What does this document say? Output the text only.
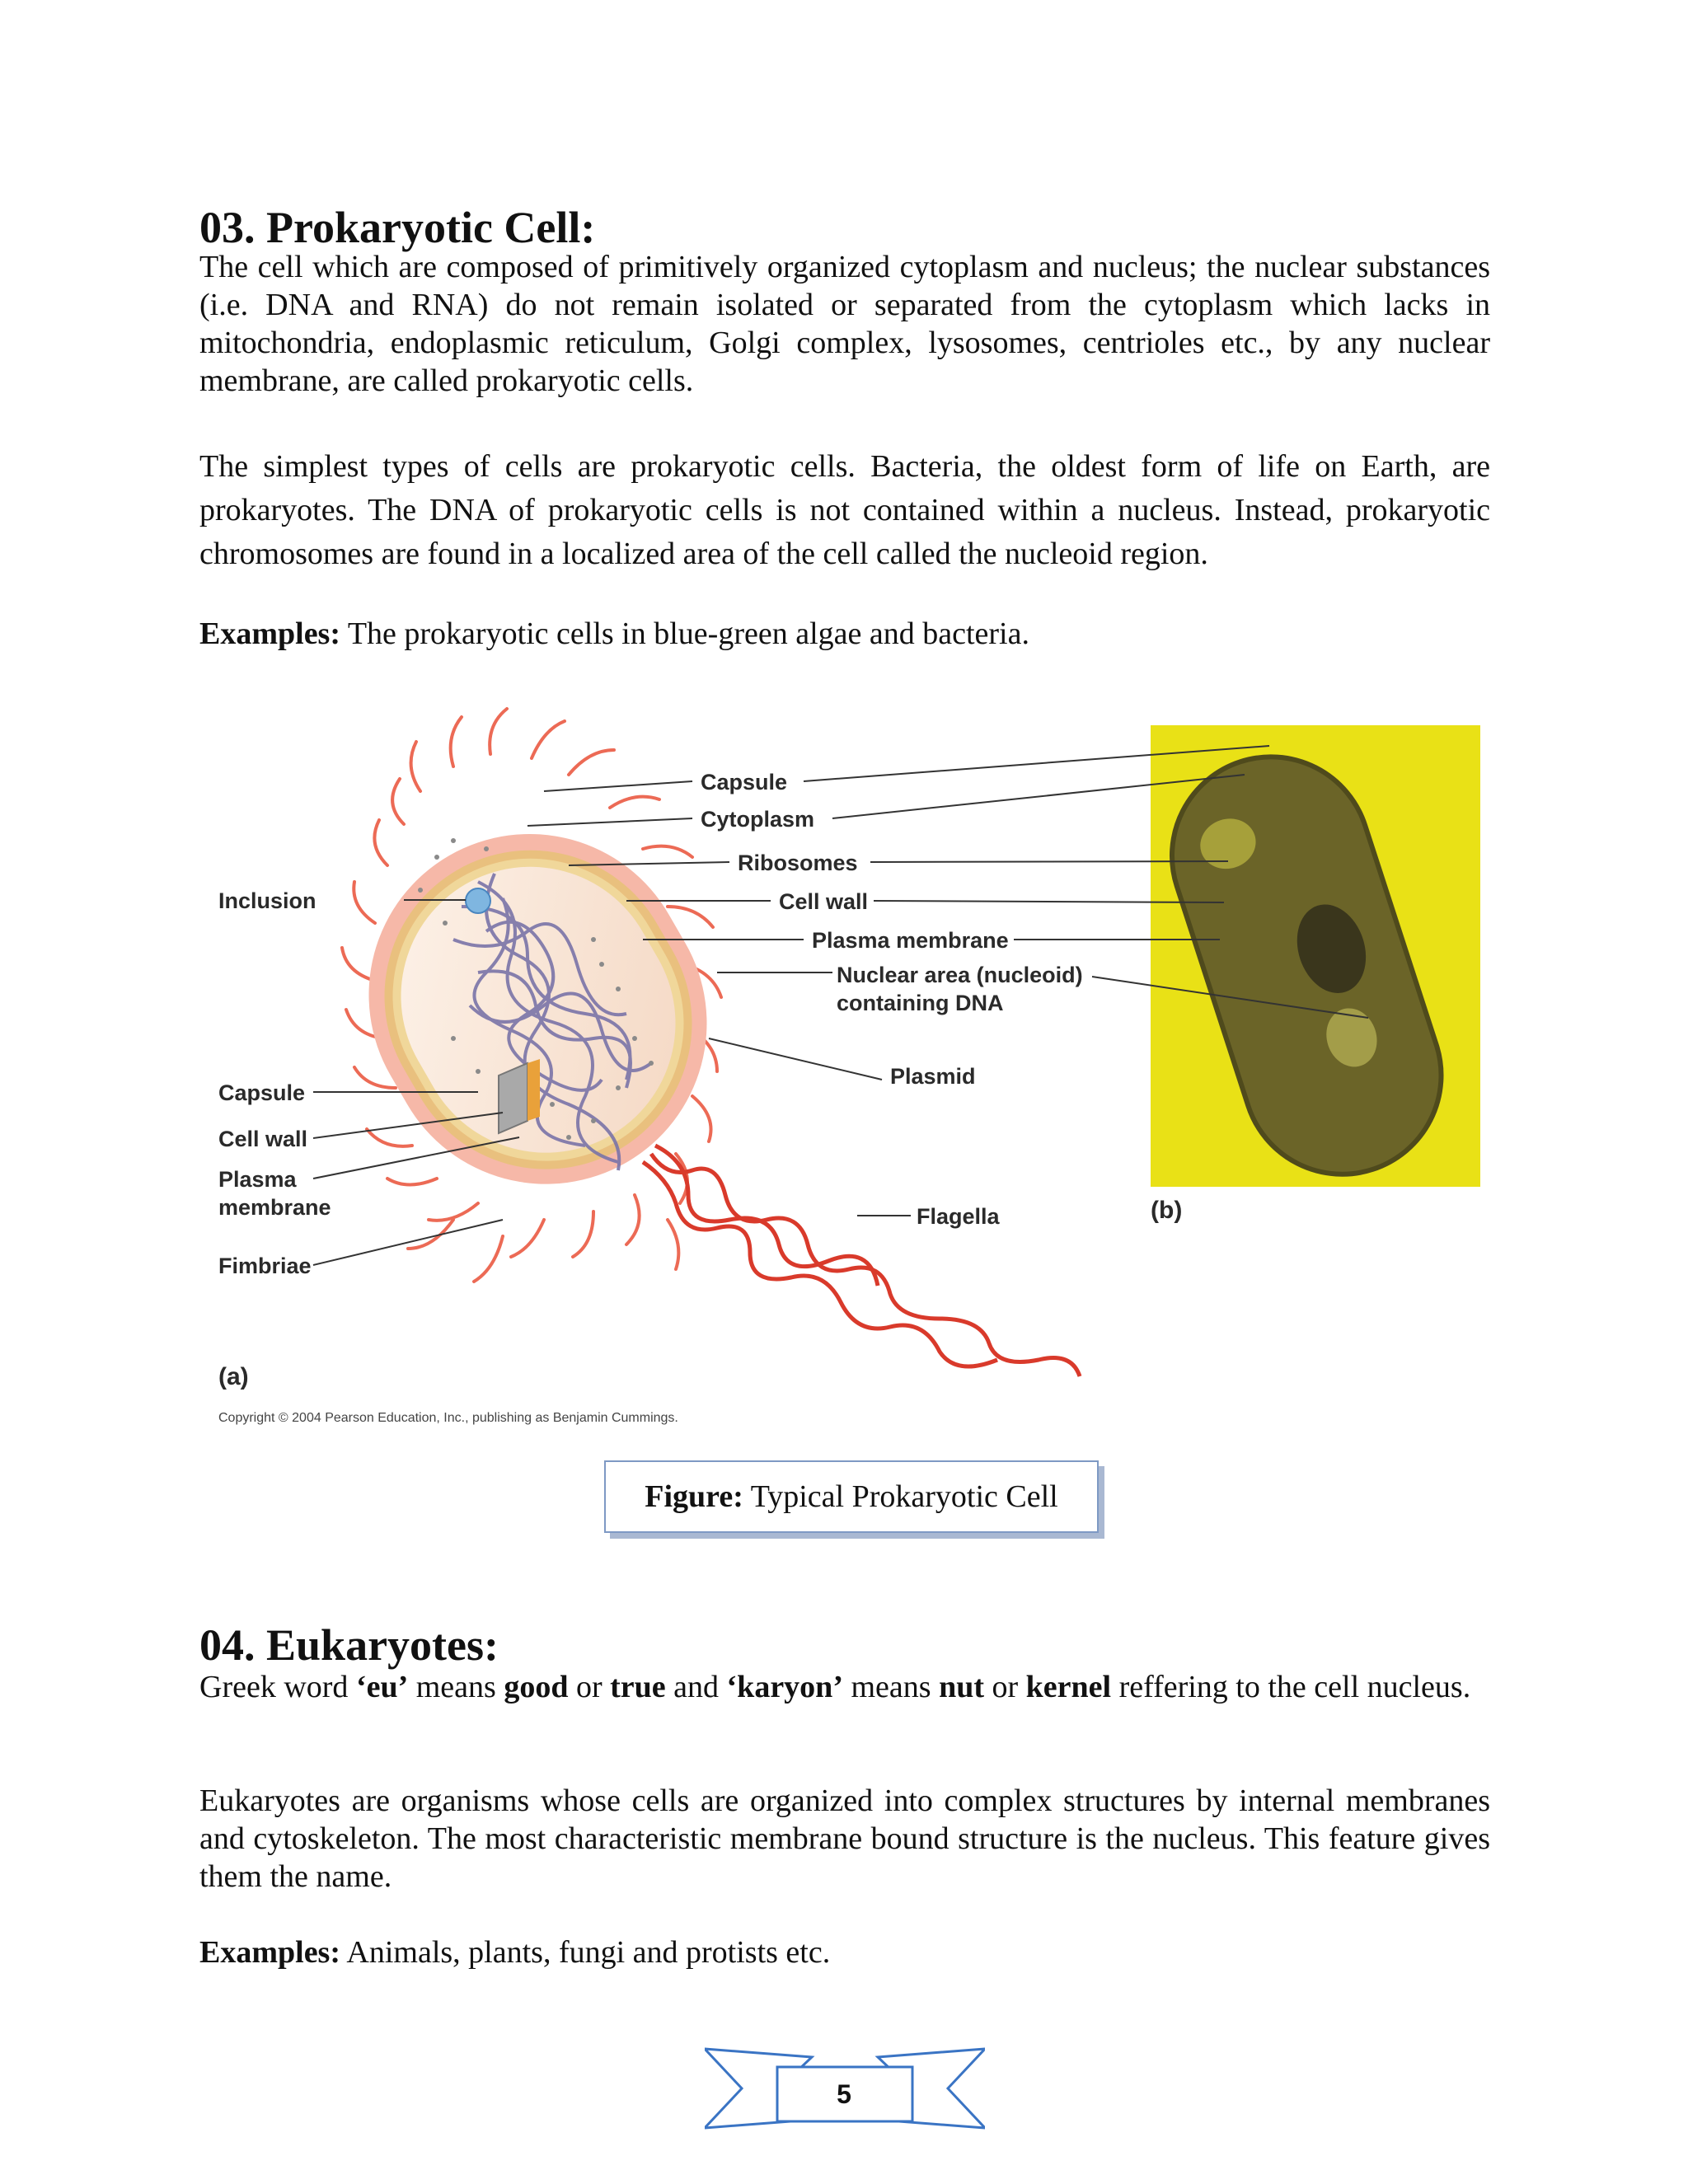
03. Prokaryotic Cell:

The cell which are composed of primitively organized cytoplasm and nucleus; the nuclear substances (i.e. DNA and RNA) do not remain isolated or separated from the cytoplasm which lacks in mitochondria, endoplasmic reticulum, Golgi complex, lysosomes, centrioles etc., by any nuclear membrane, are called prokaryotic cells.

The simplest types of cells are prokaryotic cells. Bacteria, the oldest form of life on Earth, are prokaryotes. The DNA of prokaryotic cells is not contained within a nucleus. Instead, prokaryotic chromosomes are found in a localized area of the cell called the nucleoid region.

Examples: The prokaryotic cells in blue-green algae and bacteria.

Capsule
Cytoplasm
Ribosomes
Cell wall
Plasma membrane
Nuclear area (nucleoid)
containing DNA
Plasmid
Flagella
Inclusion
Capsule
Cell wall
Plasma
membrane
Fimbriae
(a)
(b)
Copyright © 2004 Pearson Education, Inc., publishing as Benjamin Cummings.
Figure: Typical Prokaryotic Cell
04. Eukaryotes:

Greek word ‘eu’ means good or true and ‘karyon’ means nut or kernel reffering to the cell nucleus.

Eukaryotes are organisms whose cells are organized into complex structures by internal membranes and cytoskeleton. The most characteristic membrane bound structure is the nucleus. This feature gives them the name.

Examples: Animals, plants, fungi and protists etc.

5
